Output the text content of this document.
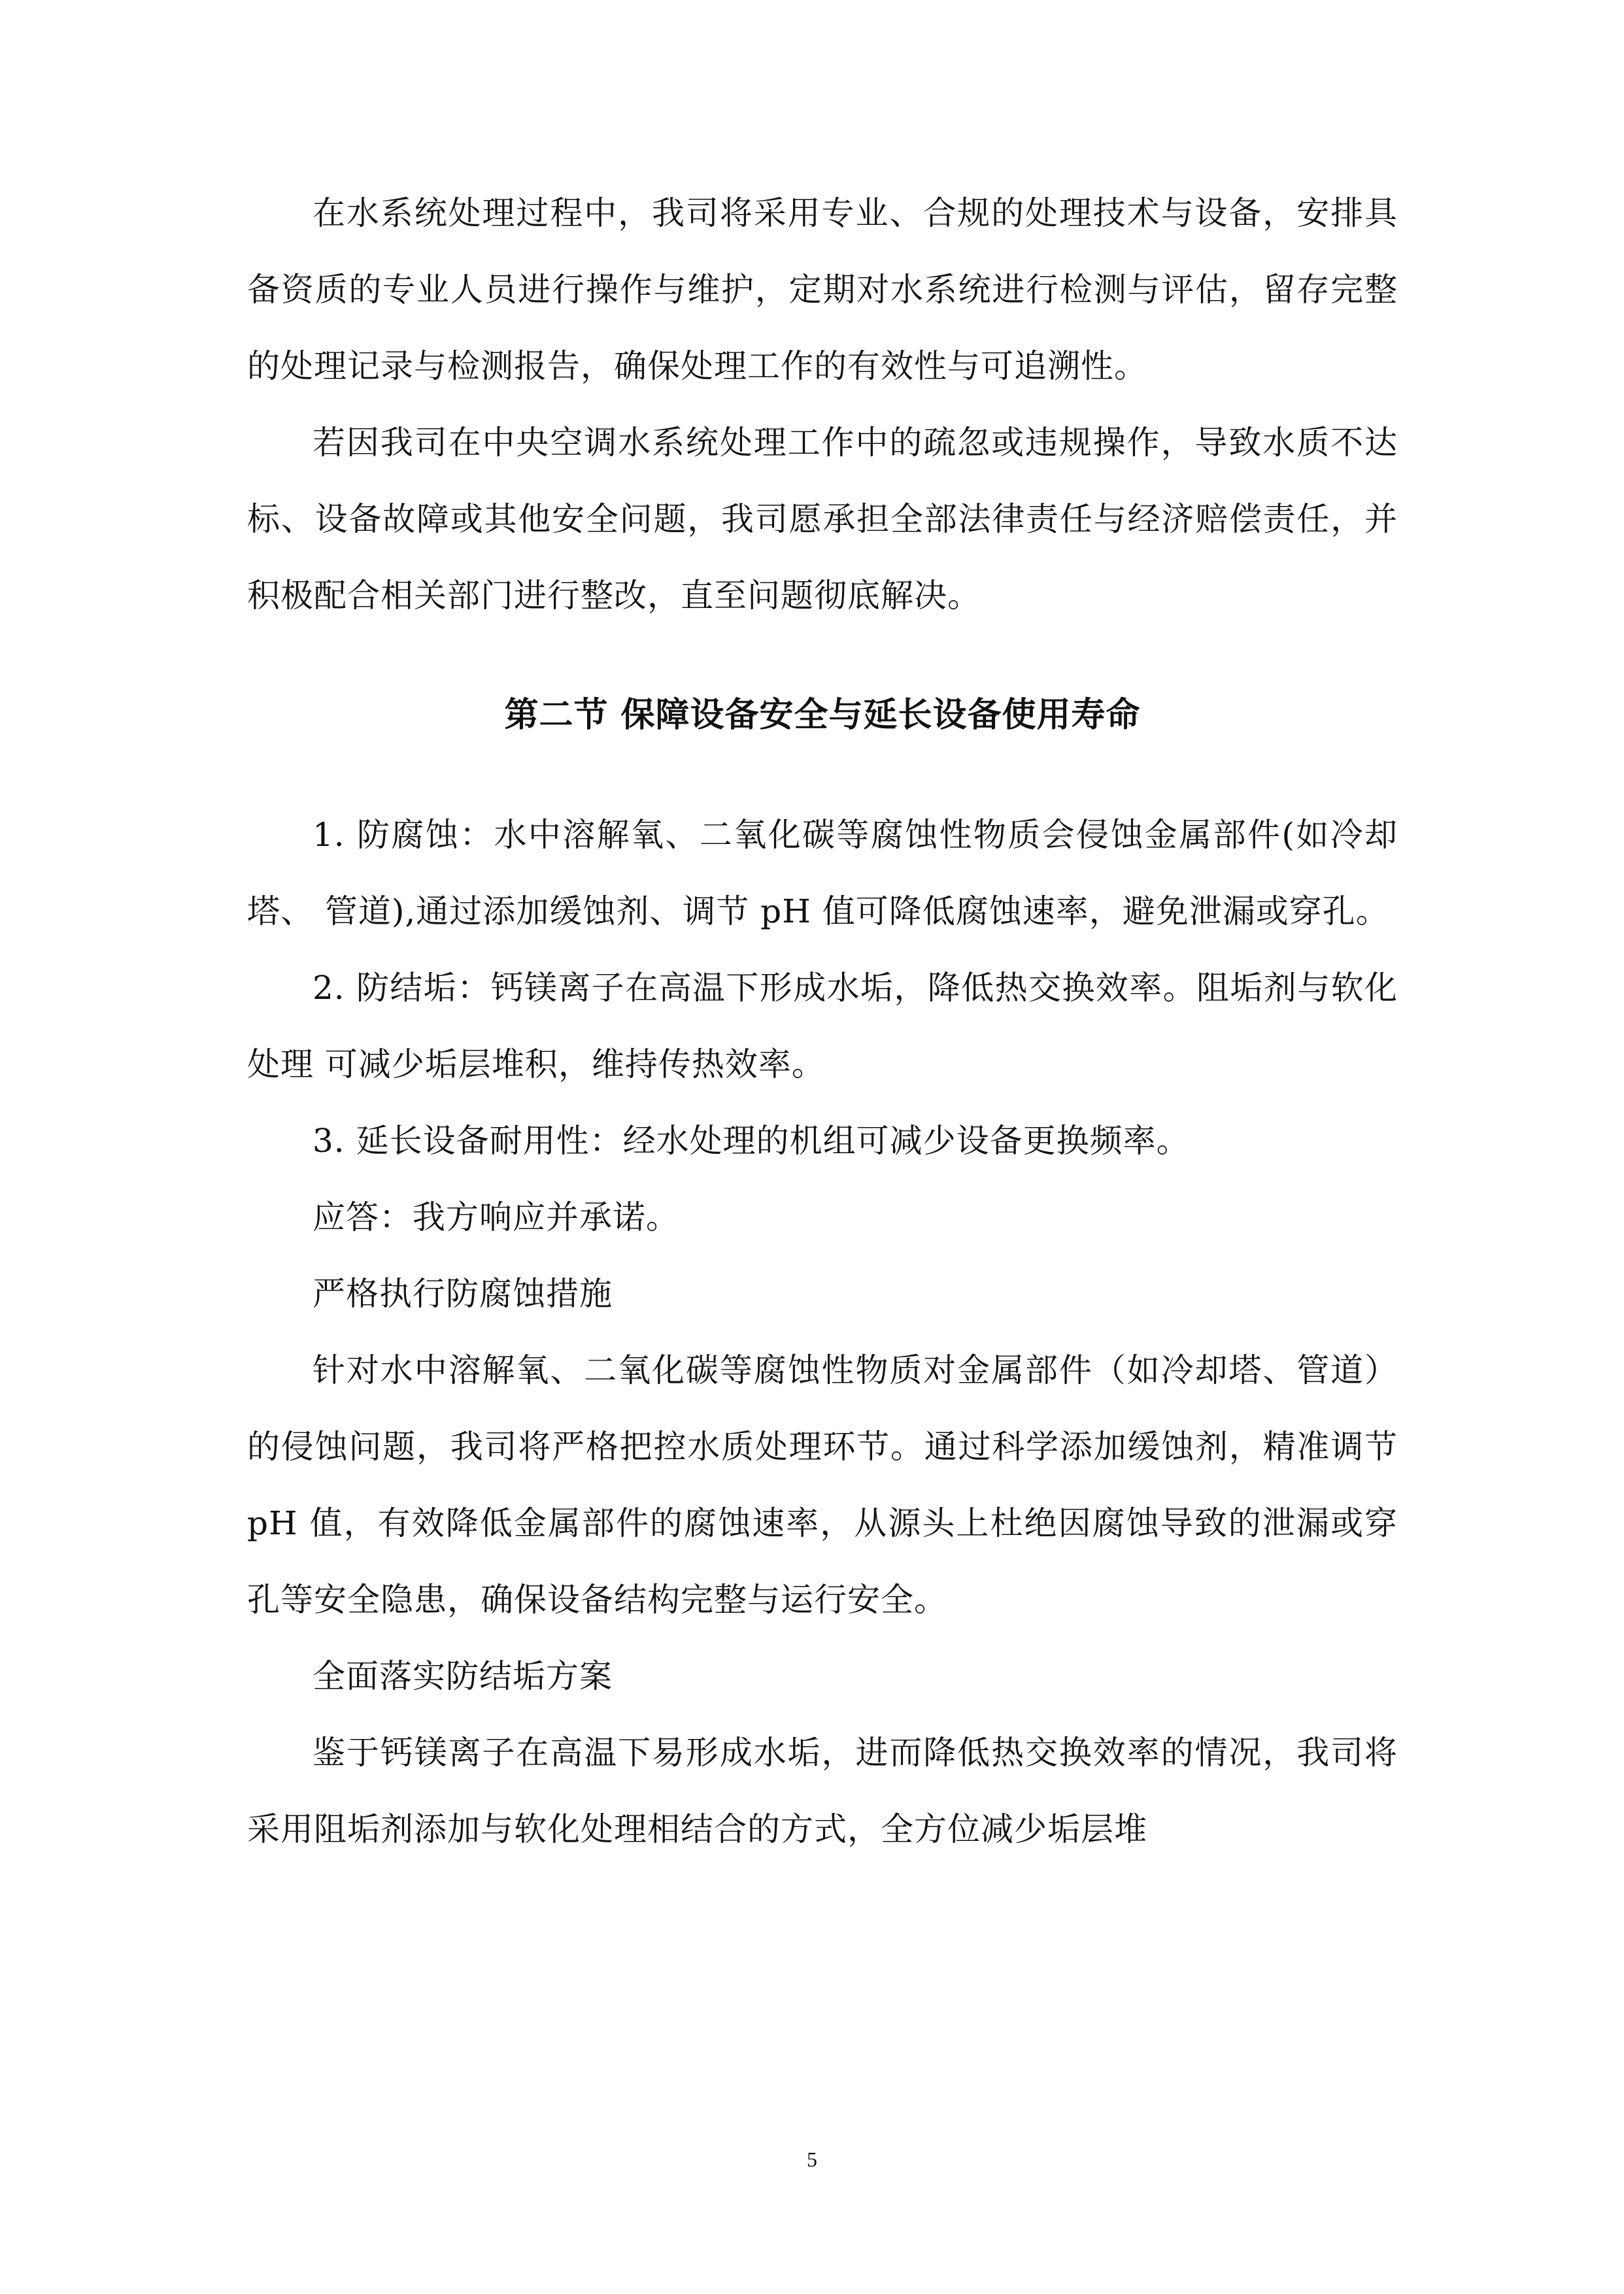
在水系统处理过程中，我司将采用专业、合规的处理技术与设备，安排具备资质的专业人员进行操作与维护，定期对水系统进行检测与评估，留存完整的处理记录与检测报告，确保处理工作的有效性与可追溯性。

若因我司在中央空调水系统处理工作中的疏忽或违规操作，导致水质不达标、设备故障或其他安全问题，我司愿承担全部法律责任与经济赔偿责任，并积极配合相关部门进行整改，直至问题彻底解决。

第二节 保障设备安全与延长设备使用寿命

1. 防腐蚀：水中溶解氧、二氧化碳等腐蚀性物质会侵蚀金属部件(如冷却塔、 管道),通过添加缓蚀剂、调节 pH 值可降低腐蚀速率，避免泄漏或穿孔。

2. 防结垢：钙镁离子在高温下形成水垢，降低热交换效率。阻垢剂与软化处理 可减少垢层堆积，维持传热效率。

3. 延长设备耐用性：经水处理的机组可减少设备更换频率。

应答：我方响应并承诺。

严格执行防腐蚀措施

针对水中溶解氧、二氧化碳等腐蚀性物质对金属部件（如冷却塔、管道）的侵蚀问题，我司将严格把控水质处理环节。通过科学添加缓蚀剂，精准调节 pH 值，有效降低金属部件的腐蚀速率，从源头上杜绝因腐蚀导致的泄漏或穿孔等安全隐患，确保设备结构完整与运行安全。

全面落实防结垢方案

鉴于钙镁离子在高温下易形成水垢，进而降低热交换效率的情况，我司将采用阻垢剂添加与软化处理相结合的方式，全方位减少垢层堆

5
